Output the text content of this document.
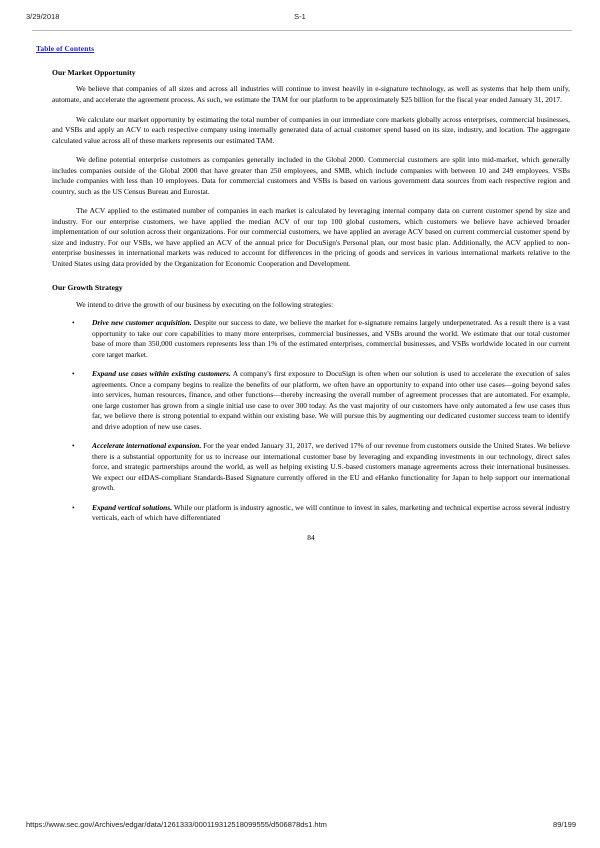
3/29/2018	S-1
Table of Contents
Our Market Opportunity

We believe that companies of all sizes and across all industries will continue to invest heavily in e-signature technology, as well as systems that help them unify, automate, and accelerate the agreement process. As such, we estimate the TAM for our platform to be approximately $25 billion for the fiscal year ended January 31, 2017.

We calculate our market opportunity by estimating the total number of companies in our immediate core markets globally across enterprises, commercial businesses, and VSBs and apply an ACV to each respective company using internally generated data of actual customer spend based on its size, industry, and location. The aggregate calculated value across all of these markets represents our estimated TAM.

We define potential enterprise customers as companies generally included in the Global 2000. Commercial customers are split into mid-market, which generally includes companies outside of the Global 2000 that have greater than 250 employees, and SMB, which include companies with between 10 and 249 employees. VSBs include companies with less than 10 employees. Data for commercial customers and VSBs is based on various government data sources from each respective region and country, such as the US Census Bureau and Eurostat.

The ACV applied to the estimated number of companies in each market is calculated by leveraging internal company data on current customer spend by size and industry. For our enterprise customers, we have applied the median ACV of our top 100 global customers, which customers we believe have achieved broader implementation of our solution across their organizations. For our commercial customers, we have applied an average ACV based on current commercial customer spend by size and industry. For our VSBs, we have applied an ACV of the annual price for DocuSign's Personal plan, our most basic plan. Additionally, the ACV applied to non-enterprise businesses in international markets was reduced to account for differences in the pricing of goods and services in various international markets relative to the United States using data provided by the Organization for Economic Cooperation and Development.

Our Growth Strategy

We intend to drive the growth of our business by executing on the following strategies:

• Drive new customer acquisition. Despite our success to date, we believe the market for e-signature remains largely underpenetrated. As a result there is a vast opportunity to take our core capabilities to many more enterprises, commercial businesses, and VSBs around the world. We estimate that our total customer base of more than 350,000 customers represents less than 1% of the estimated enterprises, commercial businesses, and VSBs worldwide located in our current core target market.
• Expand use cases within existing customers. A company's first exposure to DocuSign is often when our solution is used to accelerate the execution of sales agreements. Once a company begins to realize the benefits of our platform, we often have an opportunity to expand into other use cases—going beyond sales into services, human resources, finance, and other functions—thereby increasing the overall number of agreement processes that are automated. For example, one large customer has grown from a single initial use case to over 300 today. As the vast majority of our customers have only automated a few use cases thus far, we believe there is strong potential to expand within our existing base. We will pursue this by augmenting our dedicated customer success team to identify and drive adoption of new use cases.
• Accelerate international expansion. For the year ended January 31, 2017, we derived 17% of our revenue from customers outside the United States. We believe there is a substantial opportunity for us to increase our international customer base by leveraging and expanding investments in our technology, direct sales force, and strategic partnerships around the world, as well as helping existing U.S.-based customers manage agreements across their international businesses. We expect our eIDAS-compliant Standards-Based Signature currently offered in the EU and eHanko functionality for Japan to help support our international growth.
• Expand vertical solutions. While our platform is industry agnostic, we will continue to invest in sales, marketing and technical expertise across several industry verticals, each of which have differentiated
84
https://www.sec.gov/Archives/edgar/data/1261333/000119312518099555/d506878ds1.htm	89/199
